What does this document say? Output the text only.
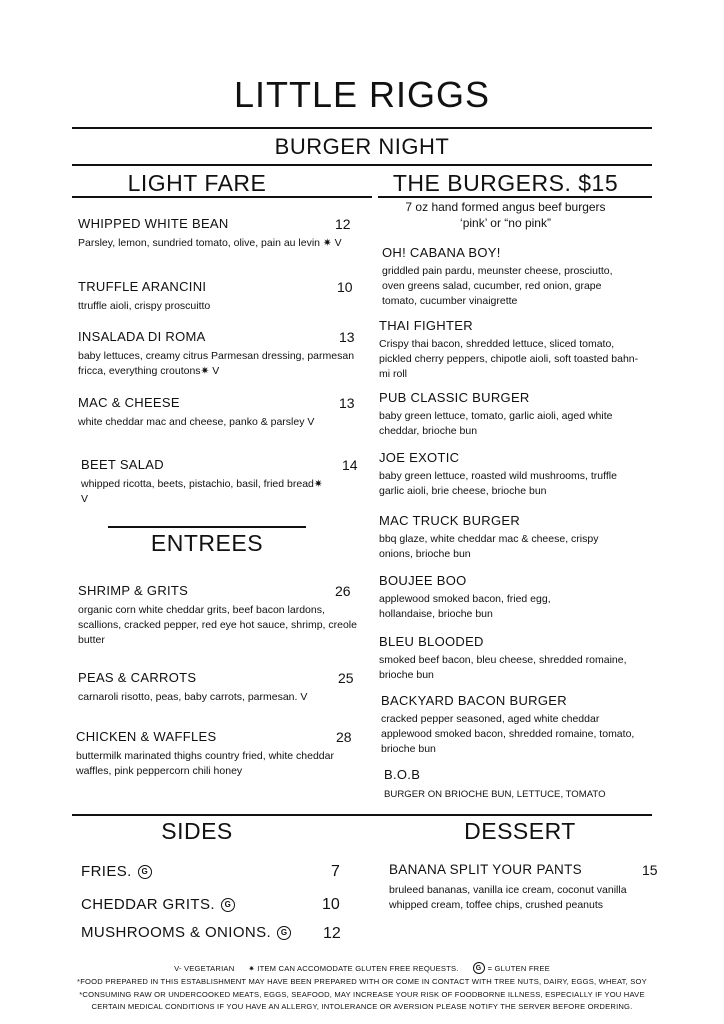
LITTLE RIGGS
BURGER NIGHT
LIGHT FARE
WHIPPED WHITE BEAN	12
Parsley, lemon, sundried tomato, olive, pain au levin ✷ V
TRUFFLE ARANCINI	10
ttruffle aioli, crispy proscuitto
INSALADA DI ROMA	13
baby lettuces, creamy citrus Parmesan dressing, parmesan fricca, everything croutons✷ V
MAC & CHEESE	13
white cheddar mac and cheese, panko & parsley V
BEET SALAD	14
whipped ricotta, beets, pistachio, basil, fried bread✷ V
ENTREES
SHRIMP & GRITS	26
organic corn white cheddar grits, beef bacon lardons, scallions, cracked pepper, red eye hot sauce, shrimp, creole butter
PEAS & CARROTS	25
carnaroli risotto, peas, baby carrots, parmesan. V
CHICKEN & WAFFLES	28
buttermilk marinated thighs country fried, white cheddar waffles, pink peppercorn chili honey
THE BURGERS. $15
7 oz hand formed angus beef burgers
‘pink’ or “no pink”
OH! CABANA BOY!
griddled pain pardu, meunster cheese, prosciutto, oven greens salad, cucumber, red onion, grape tomato, cucumber vinaigrette
THAI FIGHTER
Crispy thai bacon, shredded lettuce, sliced tomato, pickled cherry peppers, chipotle aioli, soft toasted bahn-mi roll
PUB CLASSIC BURGER
baby green lettuce, tomato, garlic aioli, aged white cheddar, brioche bun
JOE EXOTIC
baby green lettuce, roasted wild mushrooms, truffle garlic aioli, brie cheese, brioche bun
MAC TRUCK BURGER
bbq glaze, white cheddar mac & cheese, crispy onions, brioche bun
BOUJEE BOO
applewood smoked bacon, fried egg, hollandaise, brioche bun
BLEU BLOODED
smoked beef bacon, bleu cheese, shredded romaine, brioche bun
BACKYARD BACON BURGER
cracked pepper seasoned, aged white cheddar applewood smoked bacon, shredded romaine, tomato, brioche bun
B.O.B
BURGER ON BRIOCHE BUN, LETTUCE, TOMATO
SIDES
FRIES.	G	7
CHEDDAR GRITS.	G	10
MUSHROOMS & ONIONS.	G 12
DESSERT
BANANA SPLIT YOUR PANTS	15
bruleed bananas, vanilla ice cream, coconut vanilla whipped cream, toffee chips, crushed peanuts
V- VEGETARIAN ✷ ITEM CAN ACCOMODATE GLUTEN FREE REQUESTS.	G = GLUTEN FREE
*FOOD PREPARED IN THIS ESTABLISHMENT MAY HAVE BEEN PREPARED WITH OR COME IN CONTACT WITH TREE NUTS, DAIRY, EGGS, WHEAT, SOY
*CONSUMING RAW OR UNDERCOOKED MEATS, EGGS, SEAFOOD, MAY INCREASE YOUR RISK OF FOODBORNE ILLNESS, ESPECIALLY IF YOU HAVE
CERTAIN MEDICAL CONDITIONS IF YOU HAVE AN ALLERGY, INTOLERANCE OR AVERSION PLEASE NOTIFY THE SERVER BEFORE ORDERING.
